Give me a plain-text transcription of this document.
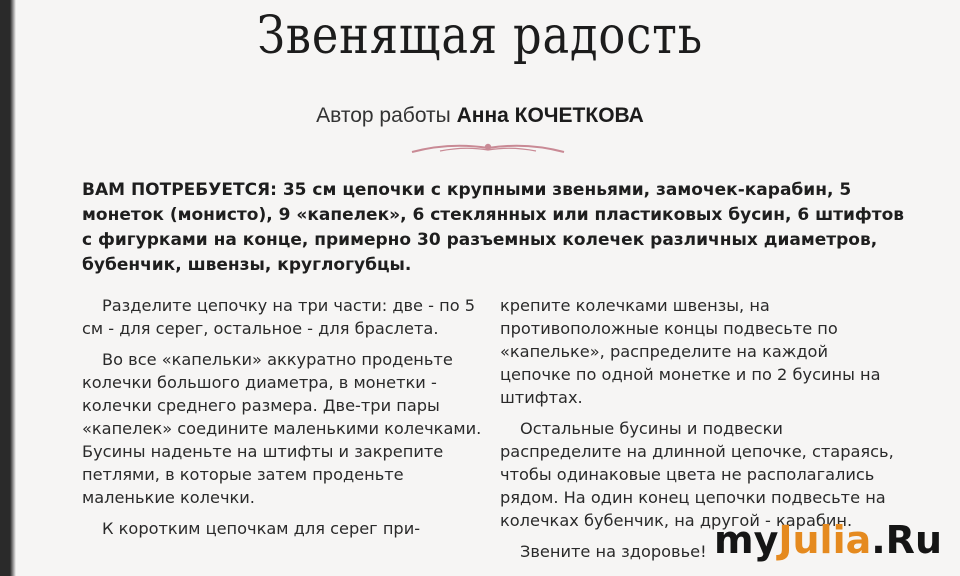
Звенящая радость
Автор работы Анна КОЧЕТКОВА
ВАМ ПОТРЕБУЕТСЯ: 35 см цепочки с крупными звеньями, замочек-карабин, 5 монеток (монисто), 9 «капелек», 6 стеклянных или пластиковых бусин, 6 штифтов с фигурками на конце, примерно 30 разъемных колечек различных диаметров, бубенчик, швензы, круглогубцы.

Разделите цепочку на три части: две - по 5 см - для серег, остальное - для браслета.

Во все «капельки» аккуратно проденьте колечки большого диаметра, в монетки - колечки среднего размера. Две-три пары «капелек» соедините маленькими колечками. Бусины наденьте на штифты и закрепите петлями, в которые затем проденьте маленькие колечки.

К коротким цепочкам для серег при-

крепите колечками швензы, на противоположные концы подвесьте по «капельке», распределите на каждой цепочке по одной монетке и по 2 бусины на штифтах.

Остальные бусины и подвески распределите на длинной цепочке, стараясь, чтобы одинаковые цвета не располагались рядом. На один конец цепочки подвесьте на колечках бубенчик, на другой - карабин.

Звените на здоровье! myJulia.Ru
